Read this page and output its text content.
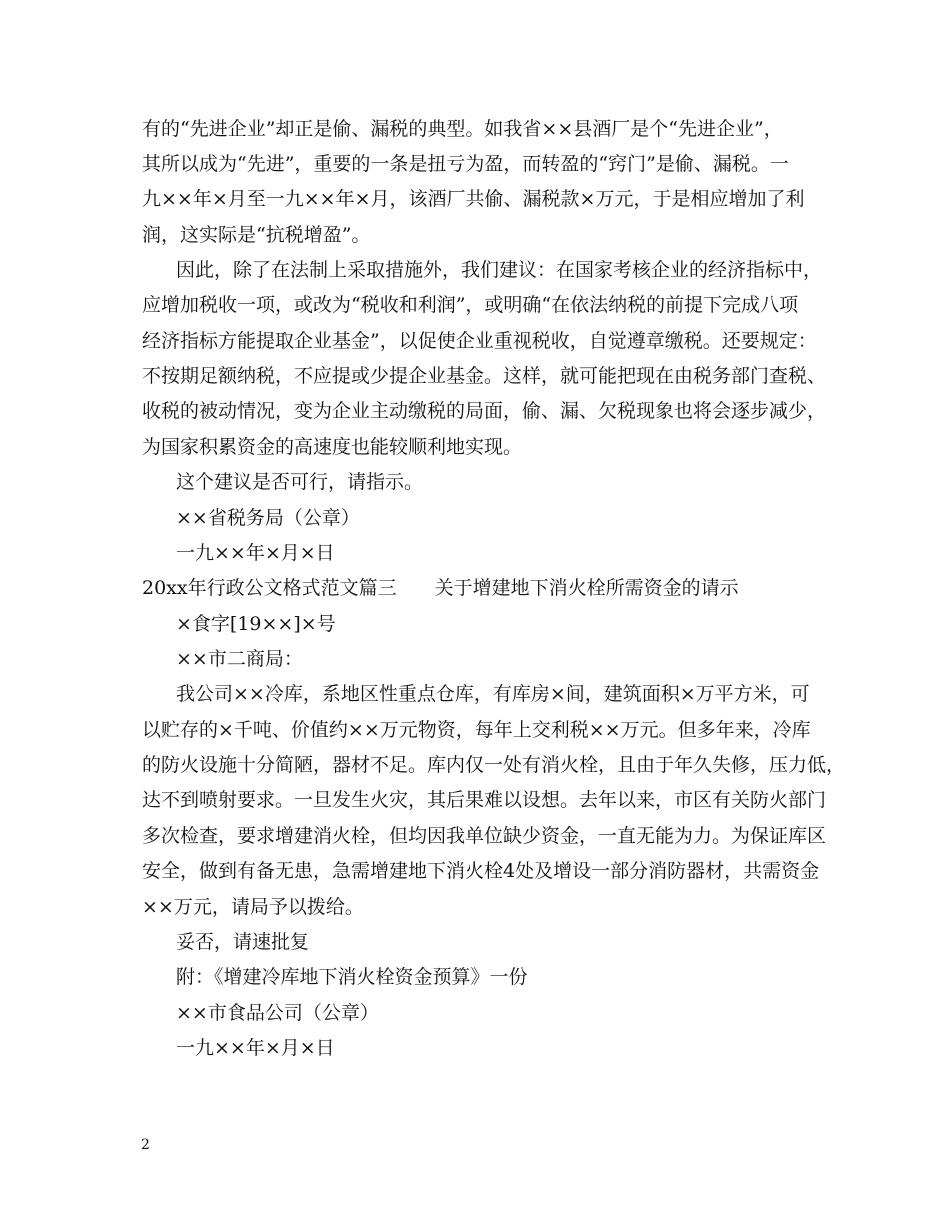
有的“先进企业”却正是偷、漏税的典型。如我省××县酒厂是个“先进企业”，
其所以成为“先进”，重要的一条是扭亏为盈，而转盈的“窍门”是偷、漏税。一
九××年×月至一九××年×月，该酒厂共偷、漏税款×万元，于是相应增加了利
润，这实际是“抗税增盈”。
因此，除了在法制上采取措施外，我们建议：在国家考核企业的经济指标中，
应增加税收一项，或改为“税收和利润”，或明确“在依法纳税的前提下完成八项
经济指标方能提取企业基金”，以促使企业重视税收，自觉遵章缴税。还要规定：
不按期足额纳税，不应提或少提企业基金。这样，就可能把现在由税务部门查税、
收税的被动情况，变为企业主动缴税的局面，偷、漏、欠税现象也将会逐步减少，
为国家积累资金的高速度也能较顺利地实现。
这个建议是否可行，请指示。
××省税务局（公章）
一九××年×月×日
20xx年行政公文格式范文篇三　　关于增建地下消火栓所需资金的请示
×食字[19××]×号
××市二商局：
我公司××冷库，系地区性重点仓库，有库房×间，建筑面积×万平方米，可
以贮存的×千吨、价值约××万元物资，每年上交利税××万元。但多年来，冷库
的防火设施十分简陋，器材不足。库内仅一处有消火栓，且由于年久失修，压力低，
达不到喷射要求。一旦发生火灾，其后果难以设想。去年以来，市区有关防火部门
多次检查，要求增建消火栓，但均因我单位缺少资金，一直无能为力。为保证库区
安全，做到有备无患，急需增建地下消火栓4处及增设一部分消防器材，共需资金
××万元，请局予以拨给。
妥否，请速批复
附：《增建冷库地下消火栓资金预算》一份
××市食品公司（公章）
一九××年×月×日
2
